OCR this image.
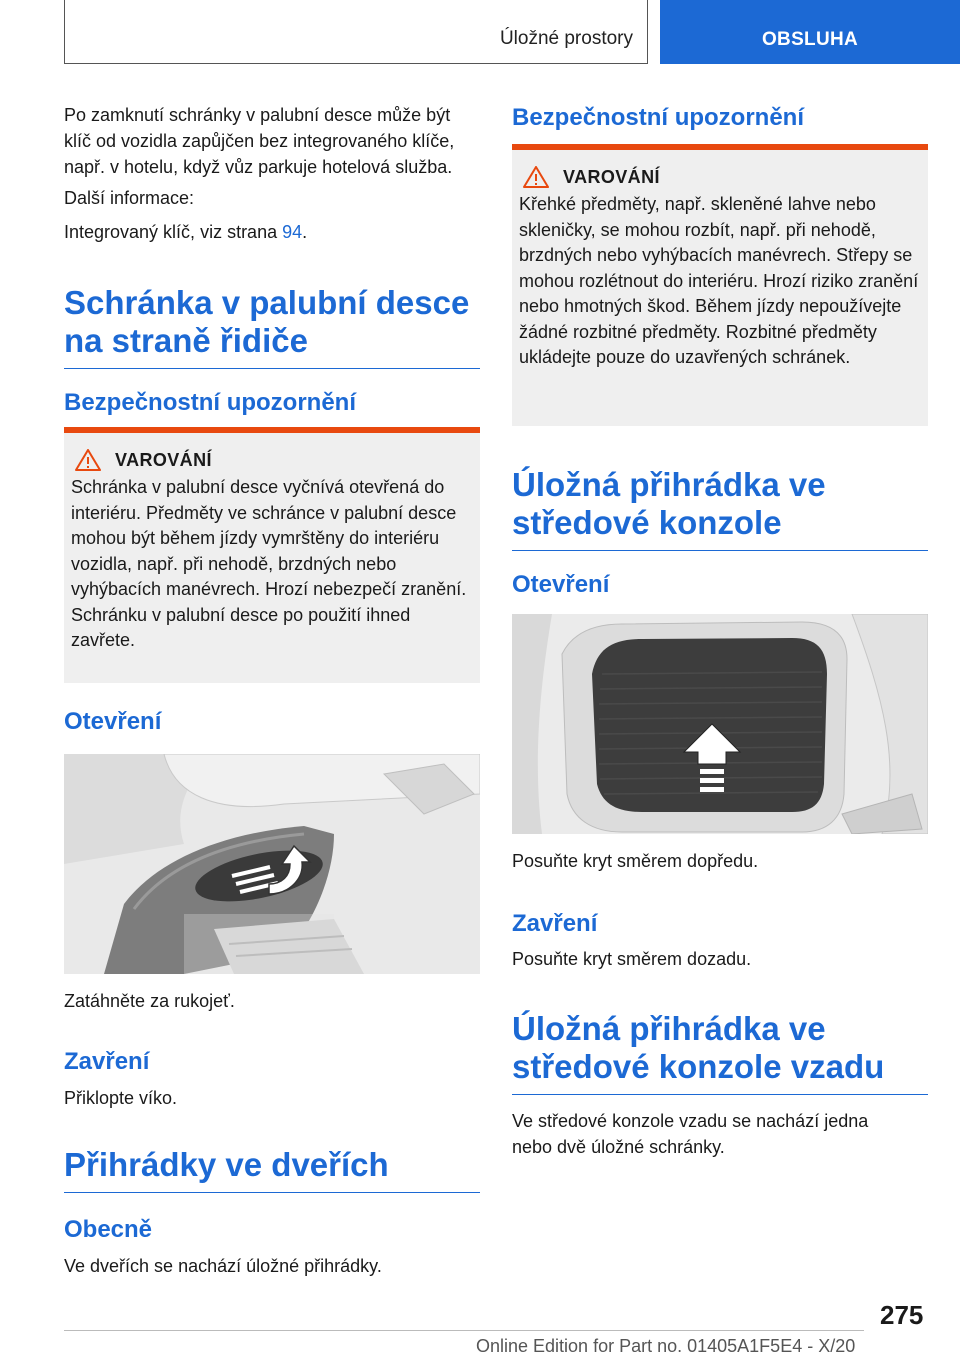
Úložné prostory	OBSLUHA

Po zamknutí schránky v palubní desce může být klíč od vozidla zapůjčen bez integrovaného klíče, např. v hotelu, když vůz parkuje hotelová služba.

Další informace:

Integrovaný klíč, viz strana 94.

Schránka v palubní desce na straně řidiče
Bezpečnostní upozornění
VAROVÁNÍ
Schránka v palubní desce vyčnívá otevřená do interiéru. Předměty ve schránce v palubní desce mohou být během jízdy vymrštěny do interiéru vozidla, např. při nehodě, brzdných nebo vyhýbacích manévrech. Hrozí nebezpečí zranění. Schránku v palubní desce po použití ihned zavřete.
Otevření

Zatáhněte za rukojeť.

Zavření

Přiklopte víko.

Přihrádky ve dveřích
Obecně

Ve dveřích se nachází úložné přihrádky.

Bezpečnostní upozornění
VAROVÁNÍ
Křehké předměty, např. skleněné lahve nebo skleničky, se mohou rozbít, např. při nehodě, brzdných nebo vyhýbacích manévrech. Střepy se mohou rozlétnout do interiéru. Hrozí riziko zranění nebo hmotných škod. Během jízdy nepoužívejte žádné rozbitné předměty. Rozbitné předměty ukládejte pouze do uzavřených schránek.
Úložná přihrádka ve středové konzole
Otevření

Posuňte kryt směrem dopředu.

Zavření

Posuňte kryt směrem dozadu.

Úložná přihrádka ve středové konzole vzadu

Ve středové konzole vzadu se nachází jedna nebo dvě úložné schránky.

275
Online Edition for Part no. 01405A1F5E4 - X/20
